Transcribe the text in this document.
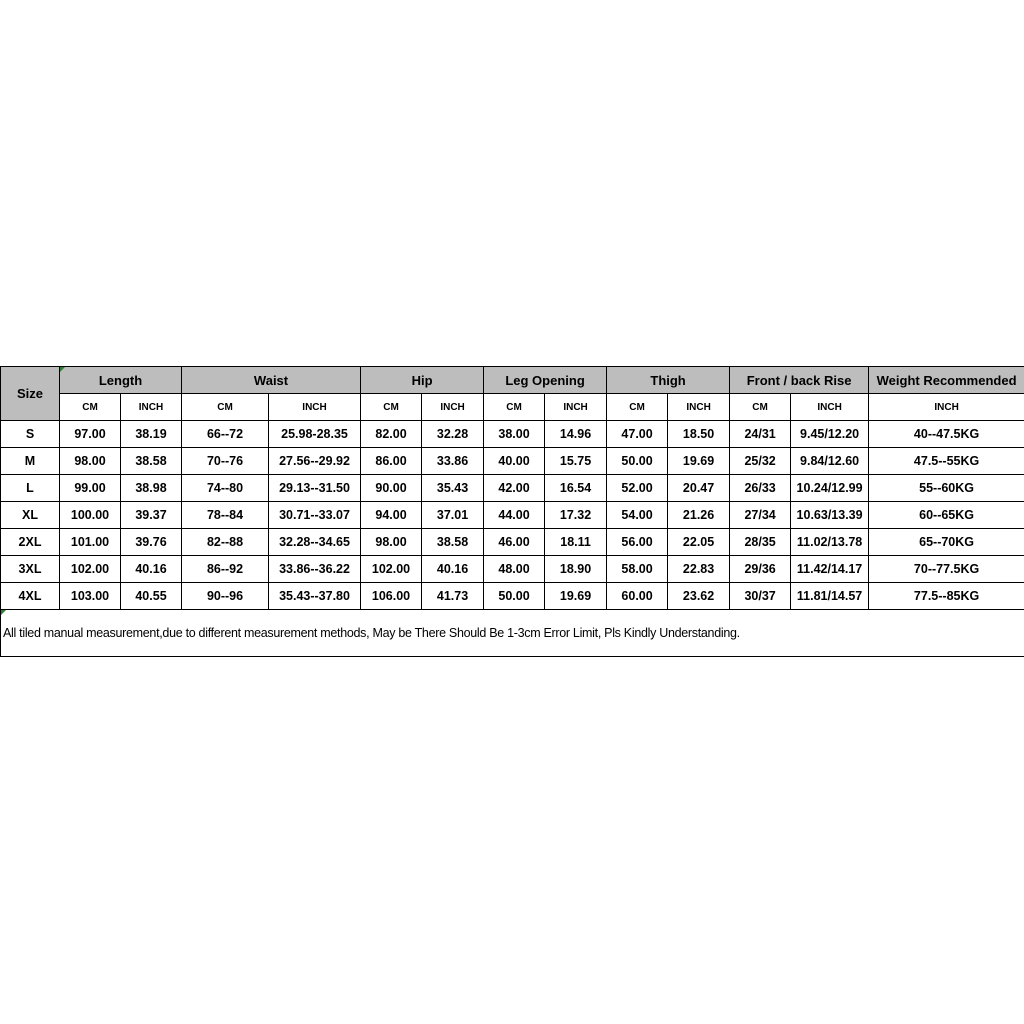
Size	Length		Waist		Hip		Leg Opening		Thigh		Front / back Rise		Weight Recommended
	CM	INCH	CM	INCH	CM	INCH	CM	INCH	CM	INCH	CM	INCH	INCH
S	97.00	38.19	66--72	25.98-28.35	82.00	32.28	38.00	14.96	47.00	18.50	24/31	9.45/12.20	40--47.5KG
M	98.00	38.58	70--76	27.56--29.92	86.00	33.86	40.00	15.75	50.00	19.69	25/32	9.84/12.60	47.5--55KG
L	99.00	38.98	74--80	29.13--31.50	90.00	35.43	42.00	16.54	52.00	20.47	26/33	10.24/12.99	55--60KG
XL	100.00	39.37	78--84	30.71--33.07	94.00	37.01	44.00	17.32	54.00	21.26	27/34	10.63/13.39	60--65KG
2XL	101.00	39.76	82--88	32.28--34.65	98.00	38.58	46.00	18.11	56.00	22.05	28/35	11.02/13.78	65--70KG
3XL	102.00	40.16	86--92	33.86--36.22	102.00	40.16	48.00	18.90	58.00	22.83	29/36	11.42/14.17	70--77.5KG
4XL	103.00	40.55	90--96	35.43--37.80	106.00	41.73	50.00	19.69	60.00	23.62	30/37	11.81/14.57	77.5--85KG
All tiled manual measurement,due to different measurement methods, May be There Should Be 1-3cm Error Limit, Pls Kindly Understanding.													
